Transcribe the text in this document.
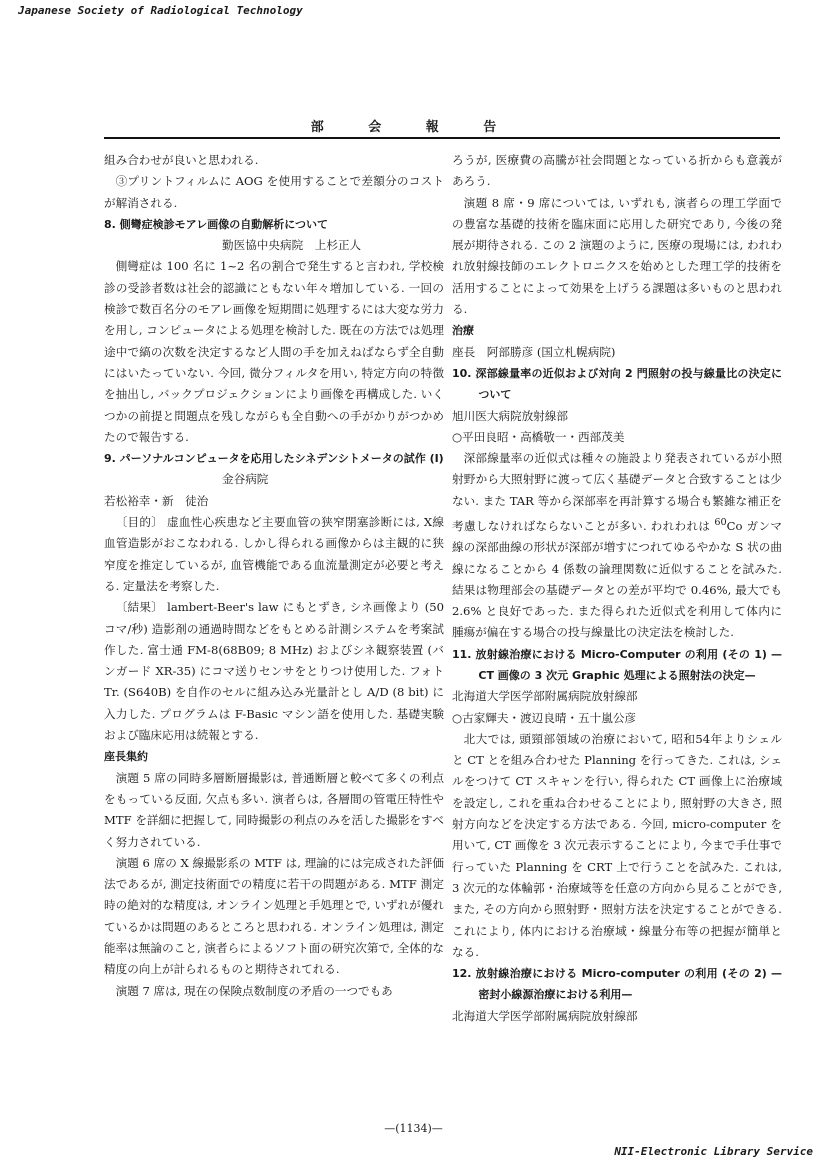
Japanese Society of Radiological Technology
部 会 報 告

組み合わせが良いと思われる.

③プリントフィルムに AOG を使用することで差額分のコストが解消される.

8. 側彎症検診モアレ画像の自動解析について

勤医協中央病院　上杉正人

側彎症は 100 名に 1~2 名の割合で発生すると言われ, 学校検診の受診者数は社会的認識にともない年々増加している. 一回の検診で数百名分のモアレ画像を短期間に処理するには大変な労力を用し, コンピュータによる処理を検討した. 既在の方法では処理途中で縞の次数を決定するなど人間の手を加えねばならず全自動にはいたっていない. 今回, 微分フィルタを用い, 特定方向の特徴を抽出し, バックプロジェクションにより画像を再構成した. いくつかの前提と問題点を残しながらも全自動への手がかりがつかめたので報告する.

9. パーソナルコンピュータを応用したシネデンシトメータの試作 (I)

金谷病院

若松裕幸・新　徒治

〔目的〕 虚血性心疾患など主要血管の狭窄閉塞診断には, X線血管造影がおこなわれる. しかし得られる画像からは主観的に狭窄度を推定しているが, 血管機能である血流量測定が必要と考える. 定量法を考察した.

〔結果〕 lambert-Beer's law にもとずき, シネ画像より (50 コマ/秒) 造影剤の通過時間などをもとめる計測システムを考案試作した. 富士通 FM-8(68B09; 8 MHz) およびシネ観察装置 (バンガード XR-35) にコマ送りセンサをとりつけ使用した. フォト Tr. (S640B) を自作のセルに組み込み光量計とし A/D (8 bit) に入力した. プログラムは F-Basic マシン語を使用した. 基礎実験および臨床応用は続報とする.

座長集約

演題 5 席の同時多層断層撮影は, 普通断層と較べて多くの利点をもっている反面, 欠点も多い. 演者らは, 各層間の管電圧特性や MTF を詳細に把握して, 同時撮影の利点のみを活した撮影をすべく努力されている.

演題 6 席の X 線撮影系の MTF は, 理論的には完成された評価法であるが, 測定技術面での精度に若干の問題がある. MTF 測定時の絶対的な精度は, オンライン処理と手処理とで, いずれが優れているかは問題のあるところと思われる. オンライン処理は, 測定能率は無論のこと, 演者らによるソフト面の研究次第で, 全体的な精度の向上が計られるものと期待されてれる.

演題 7 席は, 現在の保険点数制度の矛盾の一つでもあ

ろうが, 医療費の高騰が社会問題となっている折からも意義があろう.

演題 8 席・9 席については, いずれも, 演者らの理工学面での豊富な基礎的技術を臨床面に応用した研究であり, 今後の発展が期待される. この 2 演題のように, 医療の現場には, われわれ放射線技師のエレクトロニクスを始めとした理工学的技術を活用することによって効果を上げうる課題は多いものと思われる.

治療

座長　阿部勝彦 (国立札幌病院)

10. 深部線量率の近似および対向 2 門照射の投与線量比の決定について

旭川医大病院放射線部

○平田良昭・高橋敬一・西部茂美

深部線量率の近似式は種々の施設より発表されているが小照射野から大照射野に渡って広く基礎データと合致することは少ない. また TAR 等から深部率を再計算する場合も繁雑な補正を考慮しなければならないことが多い. われわれは $^{60}$Co ガンマ線の深部曲線の形状が深部が増すにつれてゆるやかな S 状の曲線になることから 4 係数の論理関数に近似することを試みた. 結果は物理部会の基礎データとの差が平均で 0.46%, 最大でも 2.6% と良好であった. また得られた近似式を利用して体内に腫瘍が偏在する場合の投与線量比の決定法を検討した.

11. 放射線治療における Micro-Computer の利用 (その 1) —CT 画像の 3 次元 Graphic 処理による照射法の決定—

北海道大学医学部附属病院放射線部

○古家輝夫・渡辺良晴・五十嵐公彦

北大では, 頭頸部領域の治療において, 昭和54年よりシェルと CT とを組み合わせた Planning を行ってきた. これは, シェルをつけて CT スキャンを行い, 得られた CT 画像上に治療域を設定し, これを重ね合わせることにより, 照射野の大きさ, 照射方向などを決定する方法である. 今回, micro-computer を用いて, CT 画像を 3 次元表示することにより, 今まで手仕事で行っていた Planning を CRT 上で行うことを試みた. これは, 3 次元的な体輪郭・治療域等を任意の方向から見ることができ, また, その方向から照射野・照射方法を決定することができる. これにより, 体内における治療域・線量分布等の把握が簡単となる.

12. 放射線治療における Micro-computer の利用 (その 2) —密封小線源治療における利用—

北海道大学医学部附属病院放射線部

—(1134)—
NII-Electronic Library Service
